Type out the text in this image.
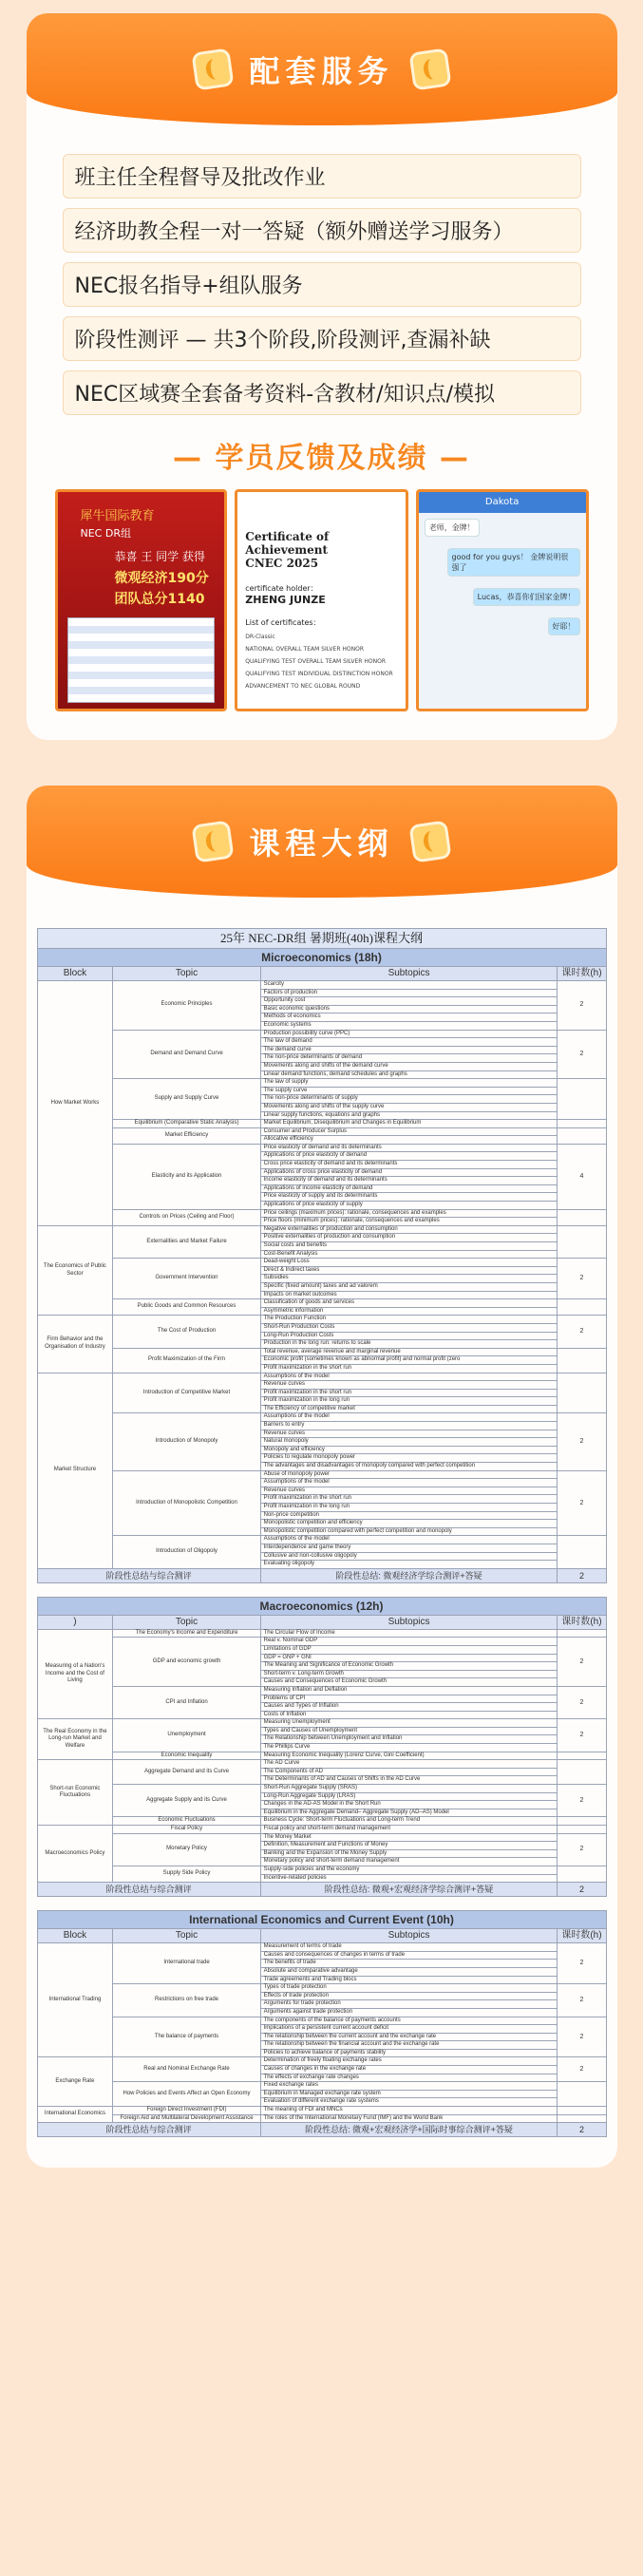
配套服务
班主任全程督导及批改作业
经济助教全程一对一答疑（额外赠送学习服务）
NEC报名指导+组队服务
阶段性测评 — 共3个阶段,阶段测评,查漏补缺
NEC区域赛全套备考资料-含教材/知识点/模拟
— 学员反馈及成绩 —
犀牛国际教育
NEC DR组
恭喜 王 同学 获得
微观经济190分
团队总分1140
Certificate of Achievement
CNEC 2025
certificate holder：
ZHENG JUNZE
List of certificates：
DR-Classic
NATIONAL OVERALL TEAM SILVER HONOR
QUALIFYING TEST OVERALL TEAM SILVER HONOR
QUALIFYING TEST INDIVIDUAL DISTINCTION HONOR
ADVANCEMENT TO NEC GLOBAL ROUND
Dakota
老师，金牌！
good for you guys！ 金牌说明很强了
Lucas，恭喜你们国家金牌！
好耶！
课程大纲
25年 NEC-DR组 暑期班(40h)课程大纲			
Microeconomics (18h)			
Block	Topic	Subtopics	课时数(h)
How Market Works	Economic Principles	Scarcity	2
		Factors of production	
		Opportunity cost	
		Basic economic questions	
		Methods of economics	
		Economic systems	
	Demand and Demand Curve	Production possibility curve (PPC)	2
		The law of demand	
		The demand curve	
		The non-price determinants of demand	
		Movements along and shifts of the demand curve	
		Linear demand functions, demand schedules and graphs	
	Supply and Supply Curve	The law of supply	
		The supply curve	
		The non-price determinants of supply	
		Movements along and shifts of the supply curve	
		Linear supply functions, equations and graphs	
	Equilibrium (Comparative Static Analysis)	Market Equilibrium, Disequilibrium and Changes in Equilibrium	
	Market Efficiency	Consumer and Producer Surplus	
		Allocative efficiency	
	Elasticity and its Application	Price elasticity of demand and its determinants	4
		Applications of price elasticity of demand	
		Cross price elasticity of demand and its determinants	
		Applications of cross price elasticity of demand	
		Income elasticity of demand and its determinants	
		Applications of income elasticity of demand	
		Price elasticity of supply and its determinants	
		Applications of price elasticity of supply	
	Controls on Prices (Ceiling and Floor)	Price ceilings (maximum prices): rationale, consequences and examples	
		Price floors (minimum prices): rationale, consequences and examples	
The Economics of Public Sector	Externalities and Market Failure	Negative externalities of production and consumption	
		Positive externalities of production and consumption	
		Social costs and benefits	
		Cost-Benefit Analysis	
	Government Intervention	Dead-weight Loss	2
		Direct & Indirect taxes	
		Subsidies	
		Specific (fixed amount) taxes and ad valorem	
		Impacts on market outcomes	
	Public Goods and Common Resources	Classification of goods and services	
		Asymmetric information	
Firm Behavior and the Organisation of Industry	The Cost of Production	The Production Function	2
		Short-Run Production Costs	
		Long-Run Production Costs	
		Production in the long run: returns to scale	
	Profit Maximization of the Firm	Total revenue, average revenue and marginal revenue	
		Economic profit (sometimes known as abnormal profit) and normal profit (zero	
		Profit maximization in the short run	
Market Structure	Introduction of Competitive Market	Assumptions of the model	
		Revenue curves	
		Profit maximization in the short run	
		Profit maximization in the long run	
		The Efficiency of competitive market	
	Introduction of Monopoly	Assumptions of the model	2
		Barriers to entry	
		Revenue curves	
		Natural monopoly	
		Monopoly and efficiency	
		Policies to regulate monopoly power	
		The advantages and disadvantages of monopoly compared with perfect competition	
	Introduction of Monopolistic Competition	Abuse of monopoly power	2
		Assumptions of the model	
		Revenue curves	
		Profit maximization in the short run	
		Profit maximization in the long run	
		Non-price competition	
		Monopolistic competition and efficiency	
		Monopolistic competition compared with perfect competition and monopoly	
	Introduction of Oligopoly	Assumptions of the model	
		Interdependence and game theory	
		Collusive and non-collusive oligopoly	
		Evaluating oligopoly	
阶段性总结与综合测评		阶段性总结: 微观经济学综合测评+答疑	2
Macroeconomics (12h)			
)	Topic	Subtopics	课时数(h)
Measuring of a Nation's Income and the Cost of Living	The Economy's Income and Expenditure	The Circular Flow of Income	
	GDP and economic growth	Real v. Nominal GDP	2
		Limitations of GDP	
		GDP = GNP + GNI	
		The Meaning and Significance of Economic Growth	
		Short-term v. Long-term Growth	
		Causes and Consequences of Economic Growth	
	CPI and Inflation	Measuring Inflation and Deflation	2
		Problems of CPI	
		Causes and Types of Inflation	
		Costs of Inflation	
The Real Economy in the Long-run Market and Welfare	Unemployment	Measuring Unemployment	2
		Types and Causes of Unemployment	
		The Relationship between Unemployment and Inflation	
		The Phillips Curve	
	Economic Inequality	Measuring Economic Inequality (Lorenz Curve, Gini Coefficient)	
Short-run Economic Fluctuations	Aggregate Demand and its Curve	The AD Curve	
		The Components of AD	
		The Determinants of AD and Causes of Shifts in the AD Curve	
	Aggregate Supply and its Curve	Short-Run Aggregate Supply (SRAS)	2
		Long-Run Aggregate Supply (LRAS)	
		Changes in the AD-AS Model in the Short Run	
		Equilibrium in the Aggregate Demand– Aggregate Supply (AD–AS) Model	
	Economic Fluctuations	Business Cycle: Short-term Fluctuations and Long-term Trend	
Macroeconomics Policy	Fiscal Policy	Fiscal policy and short-term demand management	
	Monetary Policy	The Money Market	2
		Definition, Measurement and Functions of Money	
		Banking and the Expansion of the Money Supply	
		Monetary policy and short-term demand management	
	Supply Side Policy	Supply-side policies and the economy	
		Incentive-related policies	
阶段性总结与综合测评		阶段性总结: 微观+宏观经济学综合测评+答疑	2
International Economics and Current Event (10h)			
Block	Topic	Subtopics	课时数(h)
International Trading	International trade	Measurement of terms of trade	2
		Causes and consequences of changes in terms of trade	
		The benefits of trade	
		Absolute and comparative advantage	
		Trade agreements and Trading blocs	
	Restrictions on free trade	Types of trade protection	2
		Effects of trade protection	
		Arguments for trade protection	
		Arguments against trade protection	
	The balance of payments	The components of the balance of payments accounts	2
		Implications of a persistent current account deficit	
		The relationship between the current account and the exchange rate	
		The relationship between the financial account and the exchange rate	
		Policies to achieve balance of payments stability	
Exchange Rate	Real and Nominal Exchange Rate	Determination of freely floating exchange rates	2
		Causes of changes in the exchange rate	
		The effects of exchange rate changes	
	How Policies and Events Affect an Open Economy	Fixed exchange rates	
		Equilibrium in Managed exchange rate system	
		Evaluation of different exchange rate systems	
International Economics	Foreign Direct Investment (FDI)	The meaning of FDI and MNCs	
	Foreign Aid and Multilateral Development Assistance	The roles of the International Monetary Fund (IMF) and the World Bank	
阶段性总结与综合测评		阶段性总结: 微观+宏观经济学+国际时事综合测评+答疑	2
